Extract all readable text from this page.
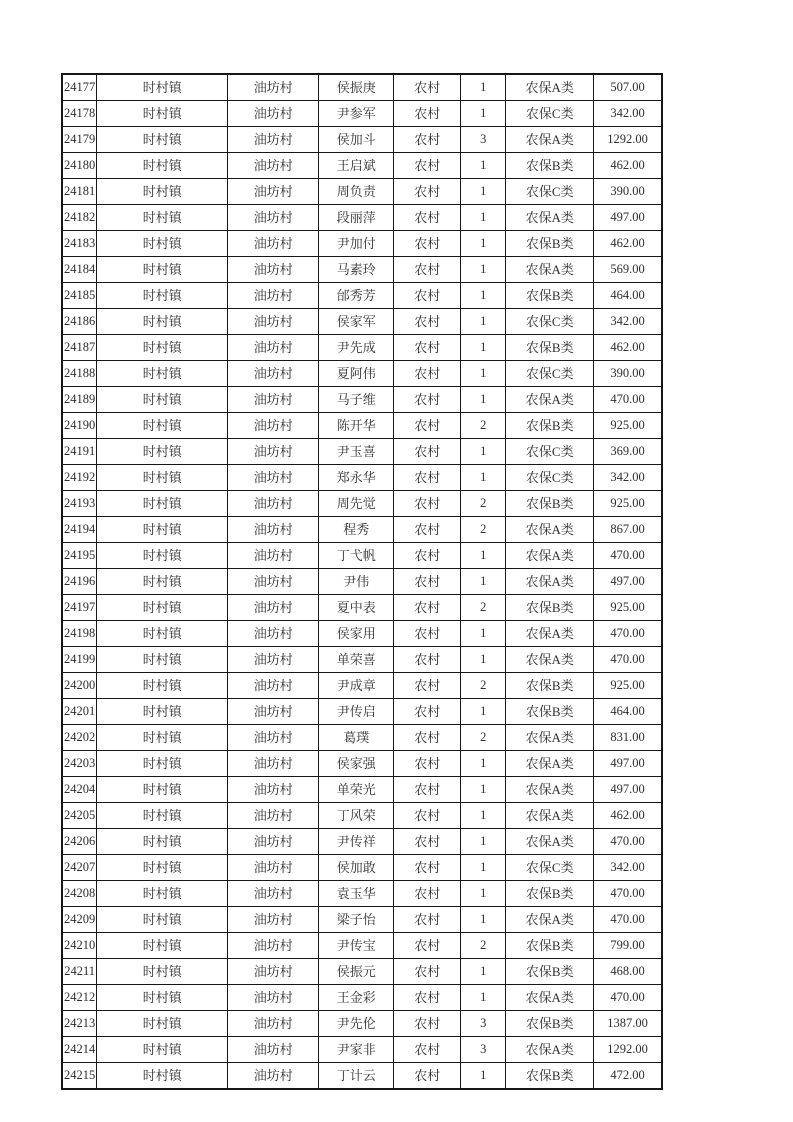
24177	时村镇	油坊村	侯振庚	农村	1	农保A类	507.00
24178	时村镇	油坊村	尹参军	农村	1	农保C类	342.00
24179	时村镇	油坊村	侯加斗	农村	3	农保A类	1292.00
24180	时村镇	油坊村	王启斌	农村	1	农保B类	462.00
24181	时村镇	油坊村	周负责	农村	1	农保C类	390.00
24182	时村镇	油坊村	段丽萍	农村	1	农保A类	497.00
24183	时村镇	油坊村	尹加付	农村	1	农保B类	462.00
24184	时村镇	油坊村	马素玲	农村	1	农保A类	569.00
24185	时村镇	油坊村	邰秀芳	农村	1	农保B类	464.00
24186	时村镇	油坊村	侯家军	农村	1	农保C类	342.00
24187	时村镇	油坊村	尹先成	农村	1	农保B类	462.00
24188	时村镇	油坊村	夏阿伟	农村	1	农保C类	390.00
24189	时村镇	油坊村	马子维	农村	1	农保A类	470.00
24190	时村镇	油坊村	陈开华	农村	2	农保B类	925.00
24191	时村镇	油坊村	尹玉喜	农村	1	农保C类	369.00
24192	时村镇	油坊村	郑永华	农村	1	农保C类	342.00
24193	时村镇	油坊村	周先觉	农村	2	农保B类	925.00
24194	时村镇	油坊村	程秀	农村	2	农保A类	867.00
24195	时村镇	油坊村	丁弋帆	农村	1	农保A类	470.00
24196	时村镇	油坊村	尹伟	农村	1	农保A类	497.00
24197	时村镇	油坊村	夏中表	农村	2	农保B类	925.00
24198	时村镇	油坊村	侯家用	农村	1	农保A类	470.00
24199	时村镇	油坊村	单荣喜	农村	1	农保A类	470.00
24200	时村镇	油坊村	尹成章	农村	2	农保B类	925.00
24201	时村镇	油坊村	尹传启	农村	1	农保B类	464.00
24202	时村镇	油坊村	葛璞	农村	2	农保A类	831.00
24203	时村镇	油坊村	侯家强	农村	1	农保A类	497.00
24204	时村镇	油坊村	单荣光	农村	1	农保A类	497.00
24205	时村镇	油坊村	丁风荣	农村	1	农保A类	462.00
24206	时村镇	油坊村	尹传祥	农村	1	农保A类	470.00
24207	时村镇	油坊村	侯加敢	农村	1	农保C类	342.00
24208	时村镇	油坊村	袁玉华	农村	1	农保B类	470.00
24209	时村镇	油坊村	梁子怡	农村	1	农保A类	470.00
24210	时村镇	油坊村	尹传宝	农村	2	农保B类	799.00
24211	时村镇	油坊村	侯振元	农村	1	农保B类	468.00
24212	时村镇	油坊村	王金彩	农村	1	农保A类	470.00
24213	时村镇	油坊村	尹先伦	农村	3	农保B类	1387.00
24214	时村镇	油坊村	尹家非	农村	3	农保A类	1292.00
24215	时村镇	油坊村	丁计云	农村	1	农保B类	472.00
